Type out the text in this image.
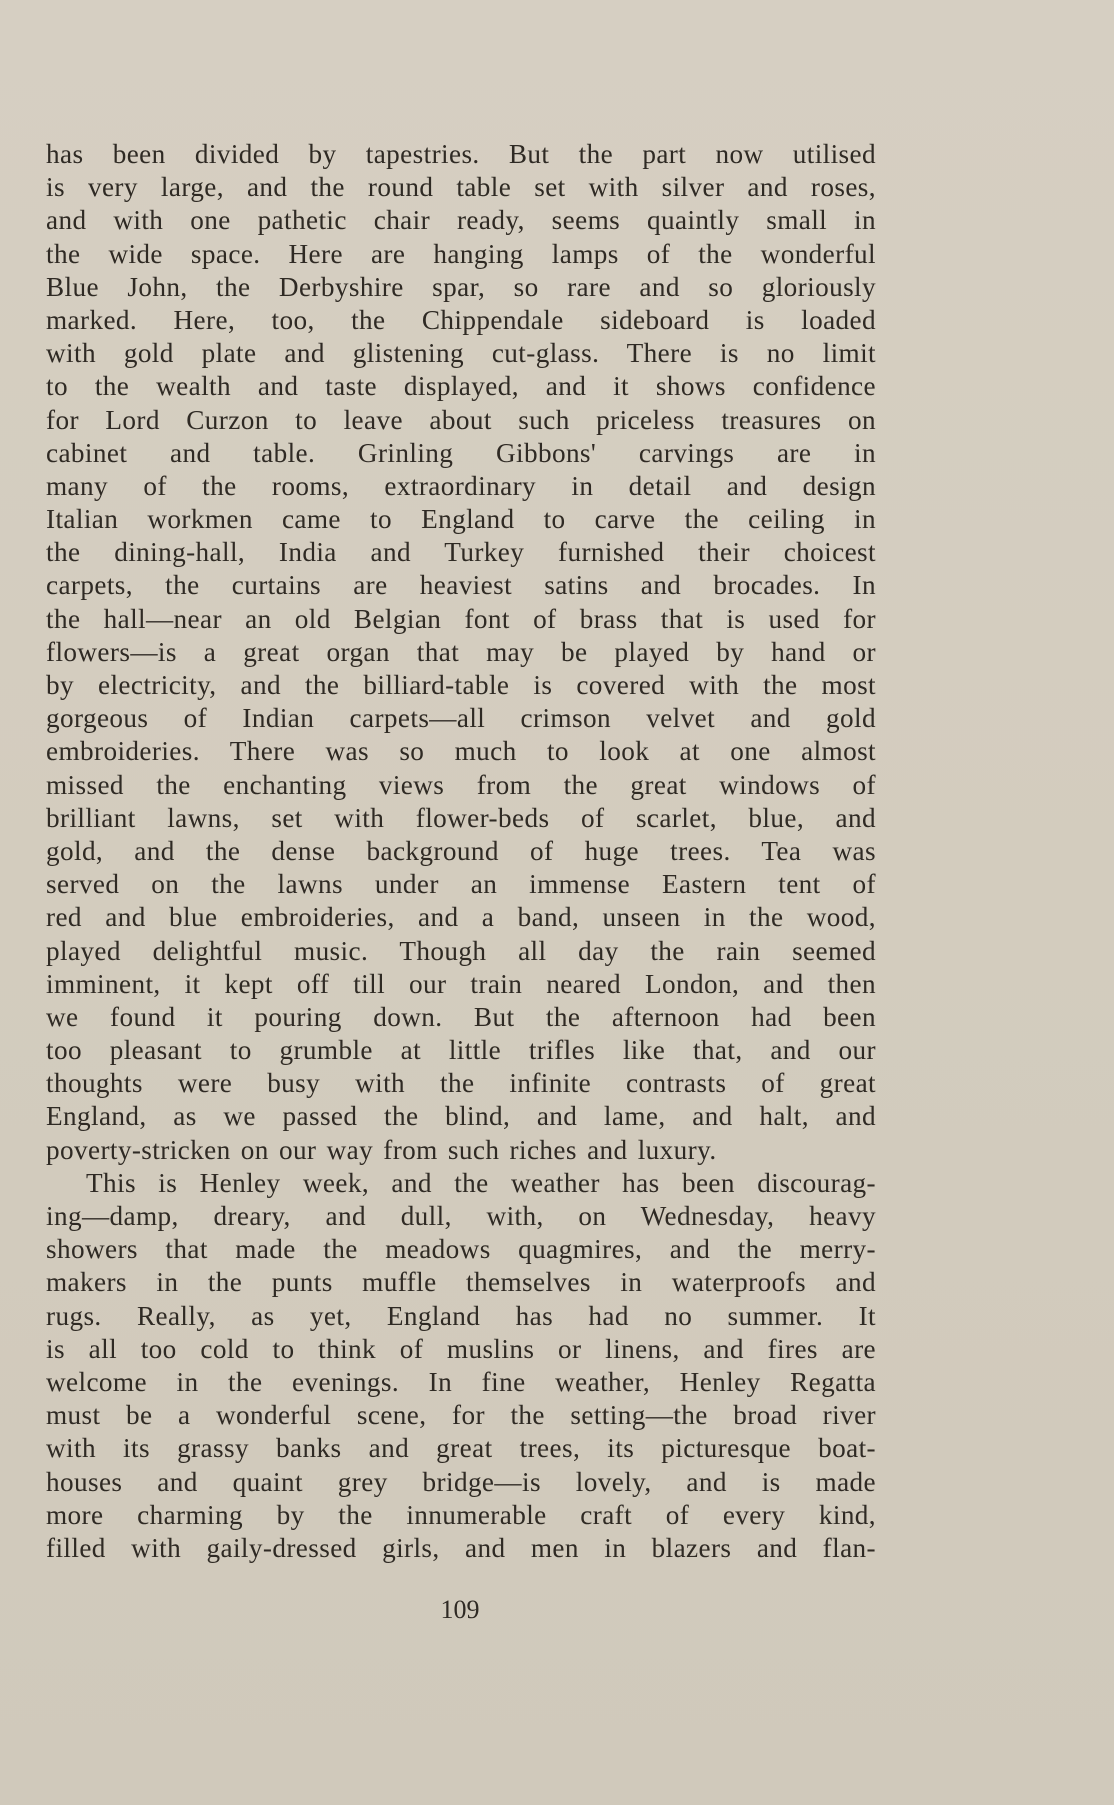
has been divided by tapestries. But the part now utilised
is very large, and the round table set with silver and roses,
and with one pathetic chair ready, seems quaintly small in
the wide space. Here are hanging lamps of the wonderful
Blue John, the Derbyshire spar, so rare and so gloriously
marked. Here, too, the Chippendale sideboard is loaded
with gold plate and glistening cut-glass. There is no limit
to the wealth and taste displayed, and it shows confidence
for Lord Curzon to leave about such priceless treasures on
cabinet and table. Grinling Gibbons' carvings are in
many of the rooms, extraordinary in detail and design
Italian workmen came to England to carve the ceiling in
the dining-hall, India and Turkey furnished their choicest
carpets, the curtains are heaviest satins and brocades. In
the hall—near an old Belgian font of brass that is used for
flowers—is a great organ that may be played by hand or
by electricity, and the billiard-table is covered with the most
gorgeous of Indian carpets—all crimson velvet and gold
embroideries. There was so much to look at one almost
missed the enchanting views from the great windows of
brilliant lawns, set with flower-beds of scarlet, blue, and
gold, and the dense background of huge trees. Tea was
served on the lawns under an immense Eastern tent of
red and blue embroideries, and a band, unseen in the wood,
played delightful music. Though all day the rain seemed
imminent, it kept off till our train neared London, and then
we found it pouring down. But the afternoon had been
too pleasant to grumble at little trifles like that, and our
thoughts were busy with the infinite contrasts of great
England, as we passed the blind, and lame, and halt, and
poverty-stricken on our way from such riches and luxury.
This is Henley week, and the weather has been discourag-
ing—damp, dreary, and dull, with, on Wednesday, heavy
showers that made the meadows quagmires, and the merry-
makers in the punts muffle themselves in waterproofs and
rugs. Really, as yet, England has had no summer. It
is all too cold to think of muslins or linens, and fires are
welcome in the evenings. In fine weather, Henley Regatta
must be a wonderful scene, for the setting—the broad river
with its grassy banks and great trees, its picturesque boat-
houses and quaint grey bridge—is lovely, and is made
more charming by the innumerable craft of every kind,
filled with gaily-dressed girls, and men in blazers and flan-
109
